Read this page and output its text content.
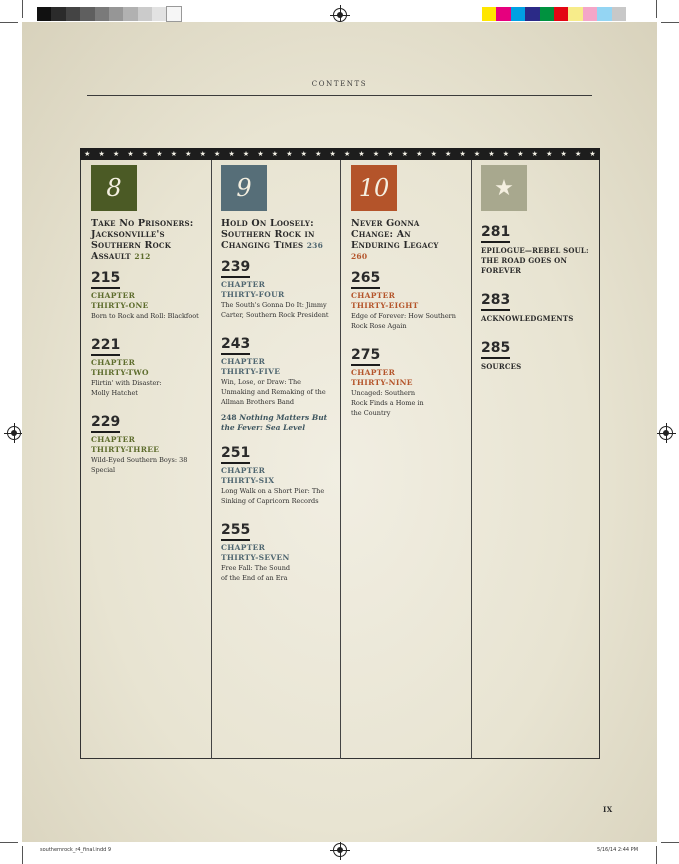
CONTENTS
★ ★ ★ ★ ★ ★ ★ ★ ★ ★ ★ ★ ★ ★ ★ ★ ★ ★ ★ ★ ★ ★ ★ ★ ★ ★ ★ ★ ★ ★ ★ ★ ★ ★ ★ ★
8
Take No Prisoners: Jacksonville's Southern Rock Assault 212
215
CHAPTER THIRTY-ONE
Born to Rock and Roll: Blackfoot
221
CHAPTER THIRTY-TWO
Flirtin' with Disaster: Molly Hatchet
229
CHAPTER THIRTY-THREE
Wild-Eyed Southern Boys: 38 Special
9
Hold On Loosely: Southern Rock in Changing Times 236
239
CHAPTER THIRTY-FOUR
The South's Gonna Do It: Jimmy Carter, Southern Rock President
243
CHAPTER THIRTY-FIVE
Win, Lose, or Draw: The Unmaking and Remaking of the Allman Brothers Band
248 Nothing Matters But the Fever: Sea Level
251
CHAPTER THIRTY-SIX
Long Walk on a Short Pier: The Sinking of Capricorn Records
255
CHAPTER THIRTY-SEVEN
Free Fall: The Sound of the End of an Era
10
Never Gonna Change: An Enduring Legacy 260
265
CHAPTER THIRTY-EIGHT
Edge of Forever: How Southern Rock Rose Again
275
CHAPTER THIRTY-NINE
Uncaged: Southern Rock Finds a Home in the Country
★
281
EPILOGUE—REBEL SOUL: THE ROAD GOES ON FOREVER
283
ACKNOWLEDGMENTS
285
SOURCES
IX
southernrock_r4_final.indd 9	5/16/14 2:44 PM
